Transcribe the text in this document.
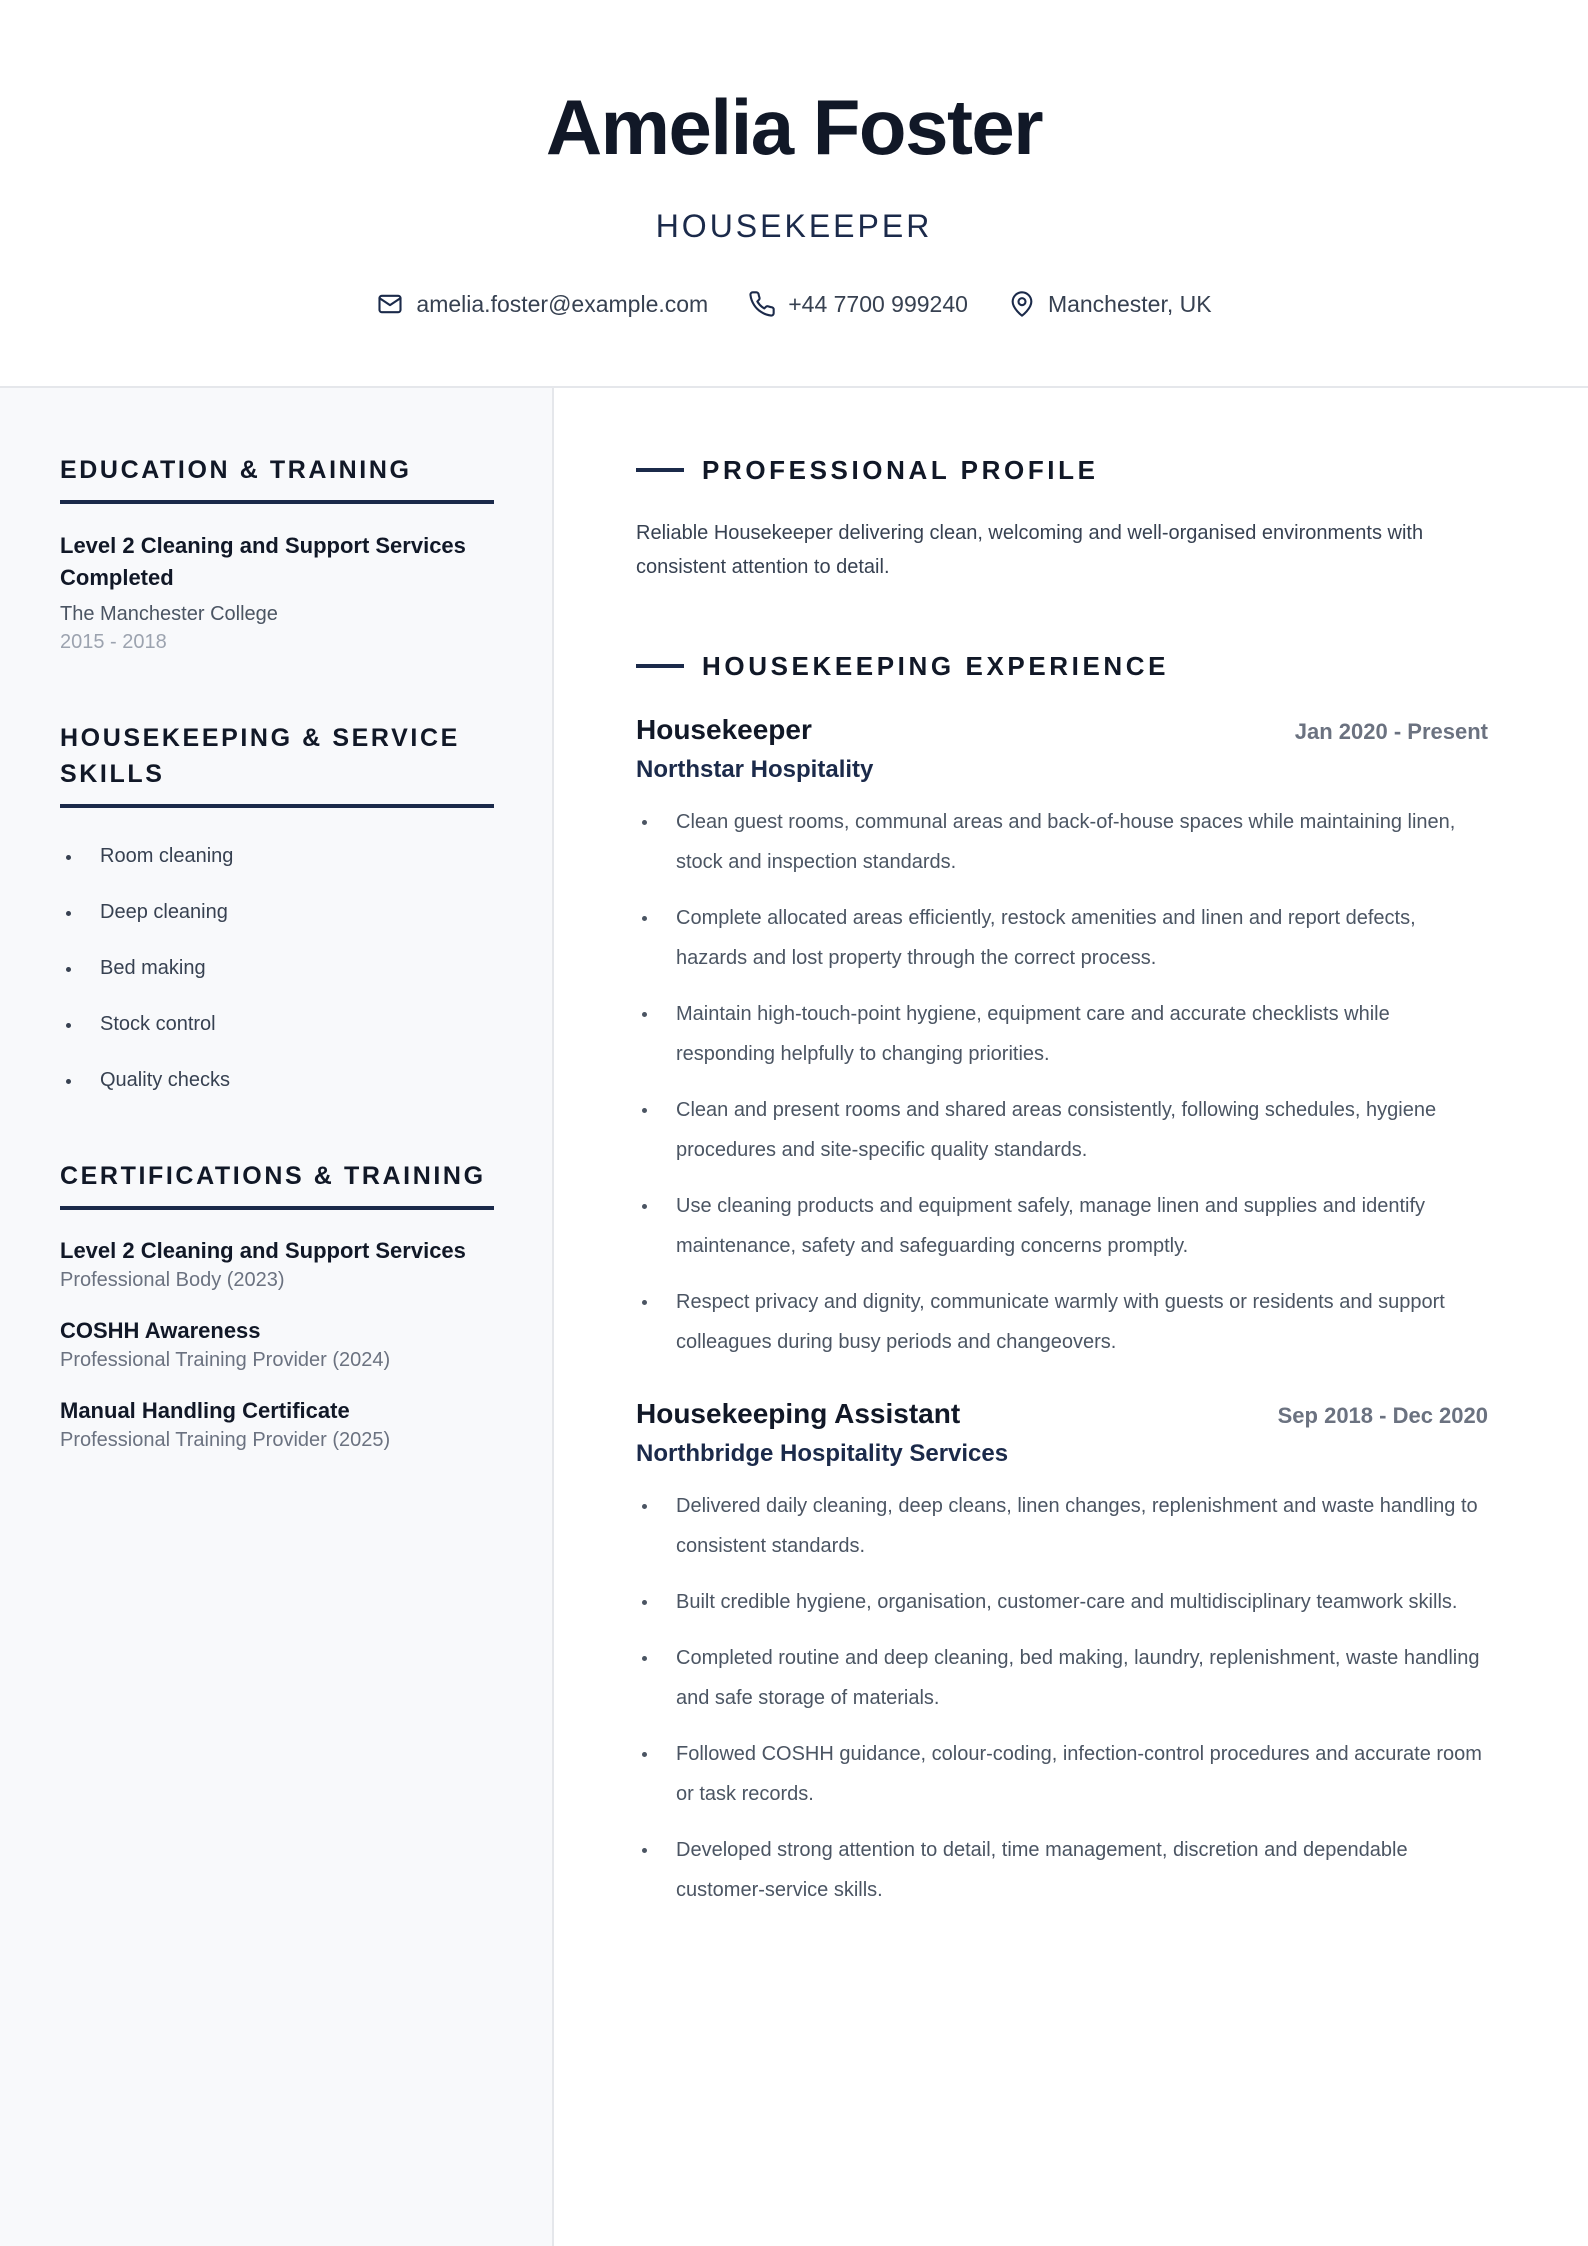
Amelia Foster
HOUSEKEEPER
amelia.foster@example.com	+44 7700 999240	Manchester, UK
EDUCATION & TRAINING
Level 2 Cleaning and Support Services Completed
The Manchester College
2015 - 2018
HOUSEKEEPING & SERVICE SKILLS
Room cleaning
Deep cleaning
Bed making
Stock control
Quality checks
CERTIFICATIONS & TRAINING
Level 2 Cleaning and Support Services
Professional Body (2023)
COSHH Awareness
Professional Training Provider (2024)
Manual Handling Certificate
Professional Training Provider (2025)
PROFESSIONAL PROFILE
Reliable Housekeeper delivering clean, welcoming and well-organised environments with consistent attention to detail.
HOUSEKEEPING EXPERIENCE
Housekeeper	Jan 2020 - Present
Northstar Hospitality
Clean guest rooms, communal areas and back-of-house spaces while maintaining linen, stock and inspection standards.
Complete allocated areas efficiently, restock amenities and linen and report defects, hazards and lost property through the correct process.
Maintain high-touch-point hygiene, equipment care and accurate checklists while responding helpfully to changing priorities.
Clean and present rooms and shared areas consistently, following schedules, hygiene procedures and site-specific quality standards.
Use cleaning products and equipment safely, manage linen and supplies and identify maintenance, safety and safeguarding concerns promptly.
Respect privacy and dignity, communicate warmly with guests or residents and support colleagues during busy periods and changeovers.
Housekeeping Assistant	Sep 2018 - Dec 2020
Northbridge Hospitality Services
Delivered daily cleaning, deep cleans, linen changes, replenishment and waste handling to consistent standards.
Built credible hygiene, organisation, customer-care and multidisciplinary teamwork skills.
Completed routine and deep cleaning, bed making, laundry, replenishment, waste handling and safe storage of materials.
Followed COSHH guidance, colour-coding, infection-control procedures and accurate room or task records.
Developed strong attention to detail, time management, discretion and dependable customer-service skills.
